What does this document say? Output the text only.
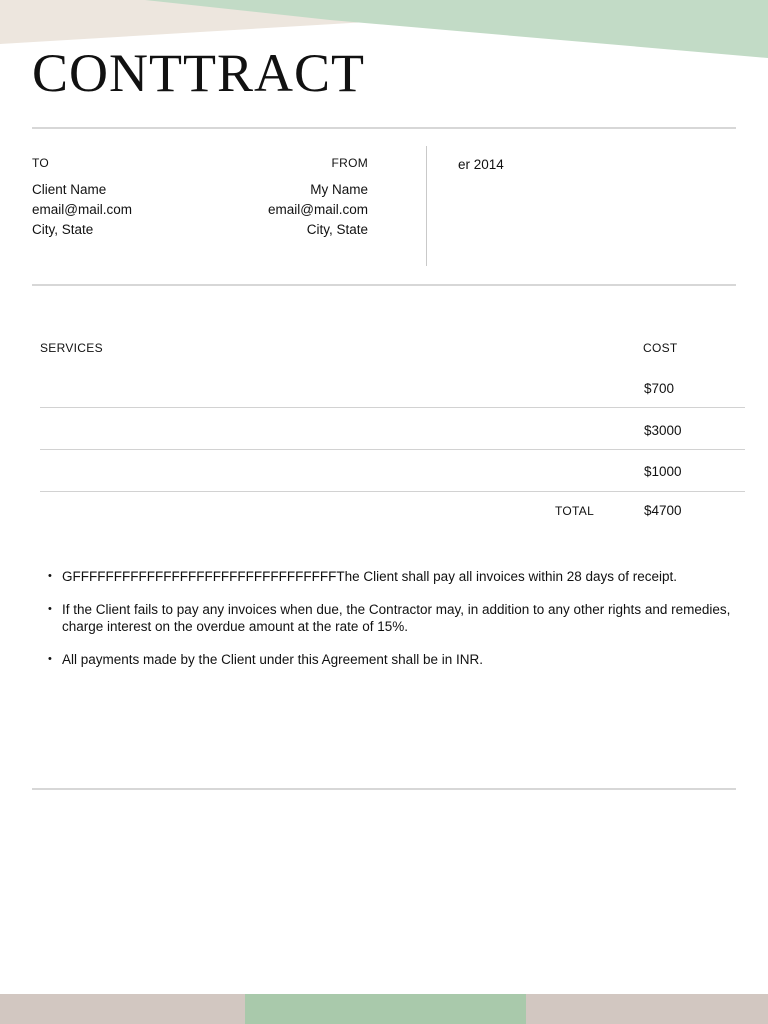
CONTTRACT
TO
Client Name
email@mail.com
City, State
FROM
My Name
email@mail.com
City, State
er 2014
SERVICES	COST
$700
$3000
$1000
TOTAL	$4700
• GFFFFFFFFFFFFFFFFFFFFFFFFFFFFFFFFThe Client shall pay all invoices within 28 days of receipt.
• If the Client fails to pay any invoices when due, the Contractor may, in addition to any other rights and remedies, charge interest on the overdue amount at the rate of 15%.
• All payments made by the Client under this Agreement shall be in INR.
